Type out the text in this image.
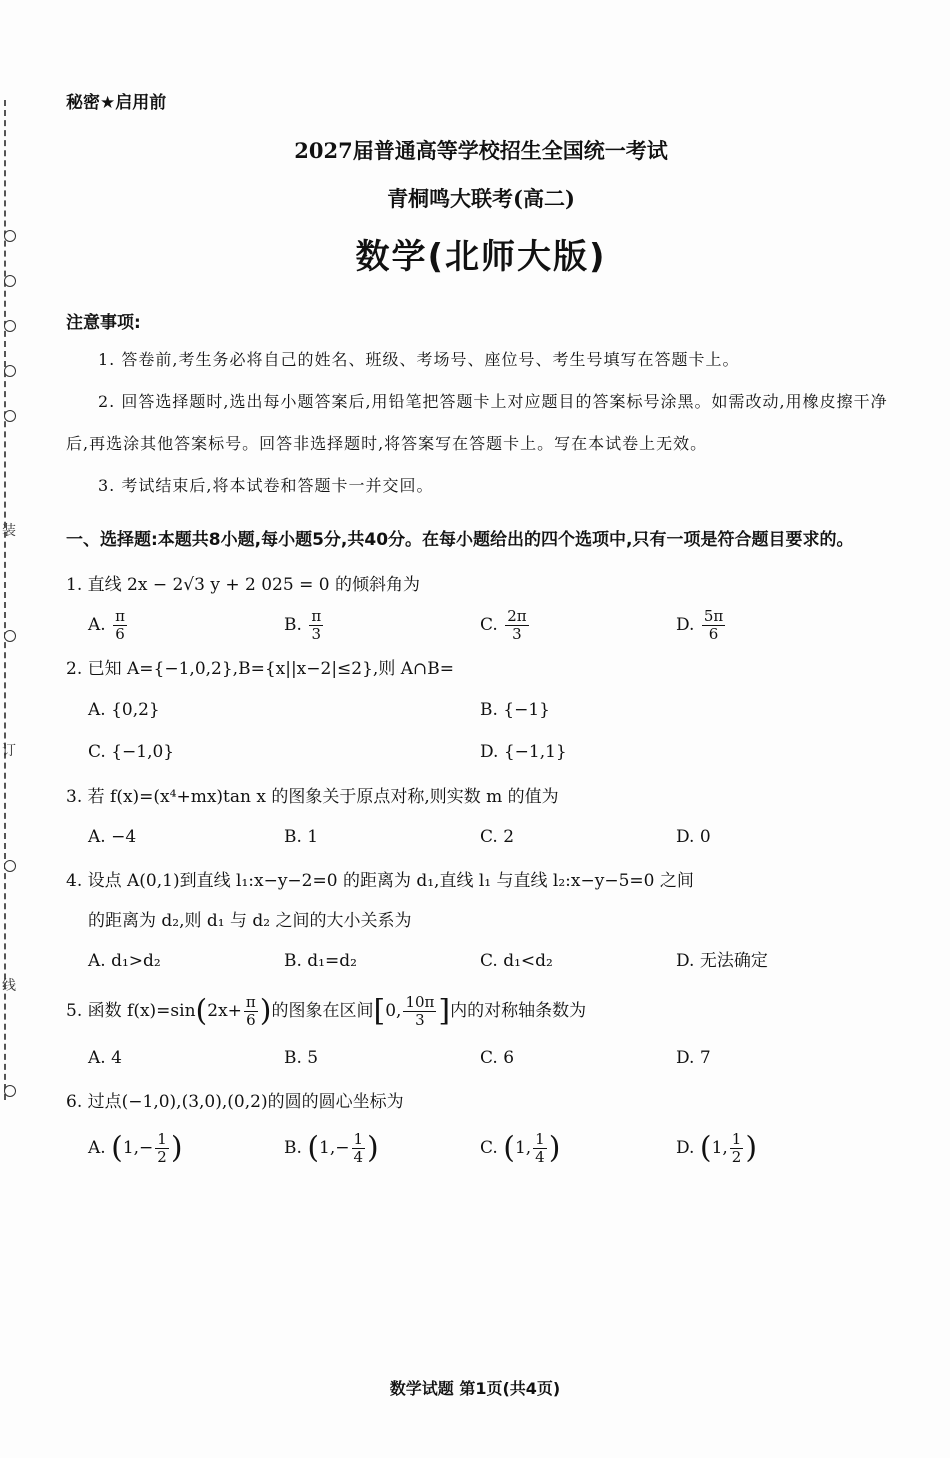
装
订
线
秘密★启用前
2027届普通高等学校招生全国统一考试
青桐鸣大联考(高二)
数学(北师大版)
注意事项:

1. 答卷前,考生务必将自己的姓名、班级、考场号、座位号、考生号填写在答题卡上。

2. 回答选择题时,选出每小题答案后,用铅笔把答题卡上对应题目的答案标号涂黑。如需改动,用橡皮擦干净后,再选涂其他答案标号。回答非选择题时,将答案写在答题卡上。写在本试卷上无效。

3. 考试结束后,将本试卷和答题卡一并交回。

一、选择题:本题共8小题,每小题5分,共40分。在每小题给出的四个选项中,只有一项是符合题目要求的。
1. 直线 2x − 2√3 y + 2 025 = 0 的倾斜角为
A. $\frac{\pi}{6}$	B. $\frac{\pi}{3}$	C. $\frac{2\pi}{3}$	D. $\frac{5\pi}{6}$
2. 已知 A={−1,0,2},B={x||x−2|≤2},则 A∩B=
A. {0,2}	B. {−1}
C. {−1,0}	D. {−1,1}
3. 若 f(x)=(x⁴+mx)tan x 的图象关于原点对称,则实数 m 的值为
A. −4	B. 1	C. 2	D. 0
4. 设点 A(0,1)到直线 l₁:x−y−2=0 的距离为 d₁,直线 l₁ 与直线 l₂:x−y−5=0 之间
的距离为 d₂,则 d₁ 与 d₂ 之间的大小关系为
A. d₁>d₂	B. d₁=d₂	C. d₁<d₂	D. 无法确定
5. 函数 $f(x)=\sin(2x+ \frac{\pi}{6}$ )的图象在区间[0, $\frac{10\pi}{3}$ ]内的对称轴条数为
A. 4	B. 5	C. 6	D. 7
6. 过点(−1,0),(3,0),(0,2)的圆的圆心坐标为
A. ($1,- \frac{1}{2}$ )	B. ($1,- \frac{1}{4}$ )	C. (1, $\frac{1}{4}$ )	D. (1, $\frac{1}{2}$ )
数学试题 第1页(共4页)
